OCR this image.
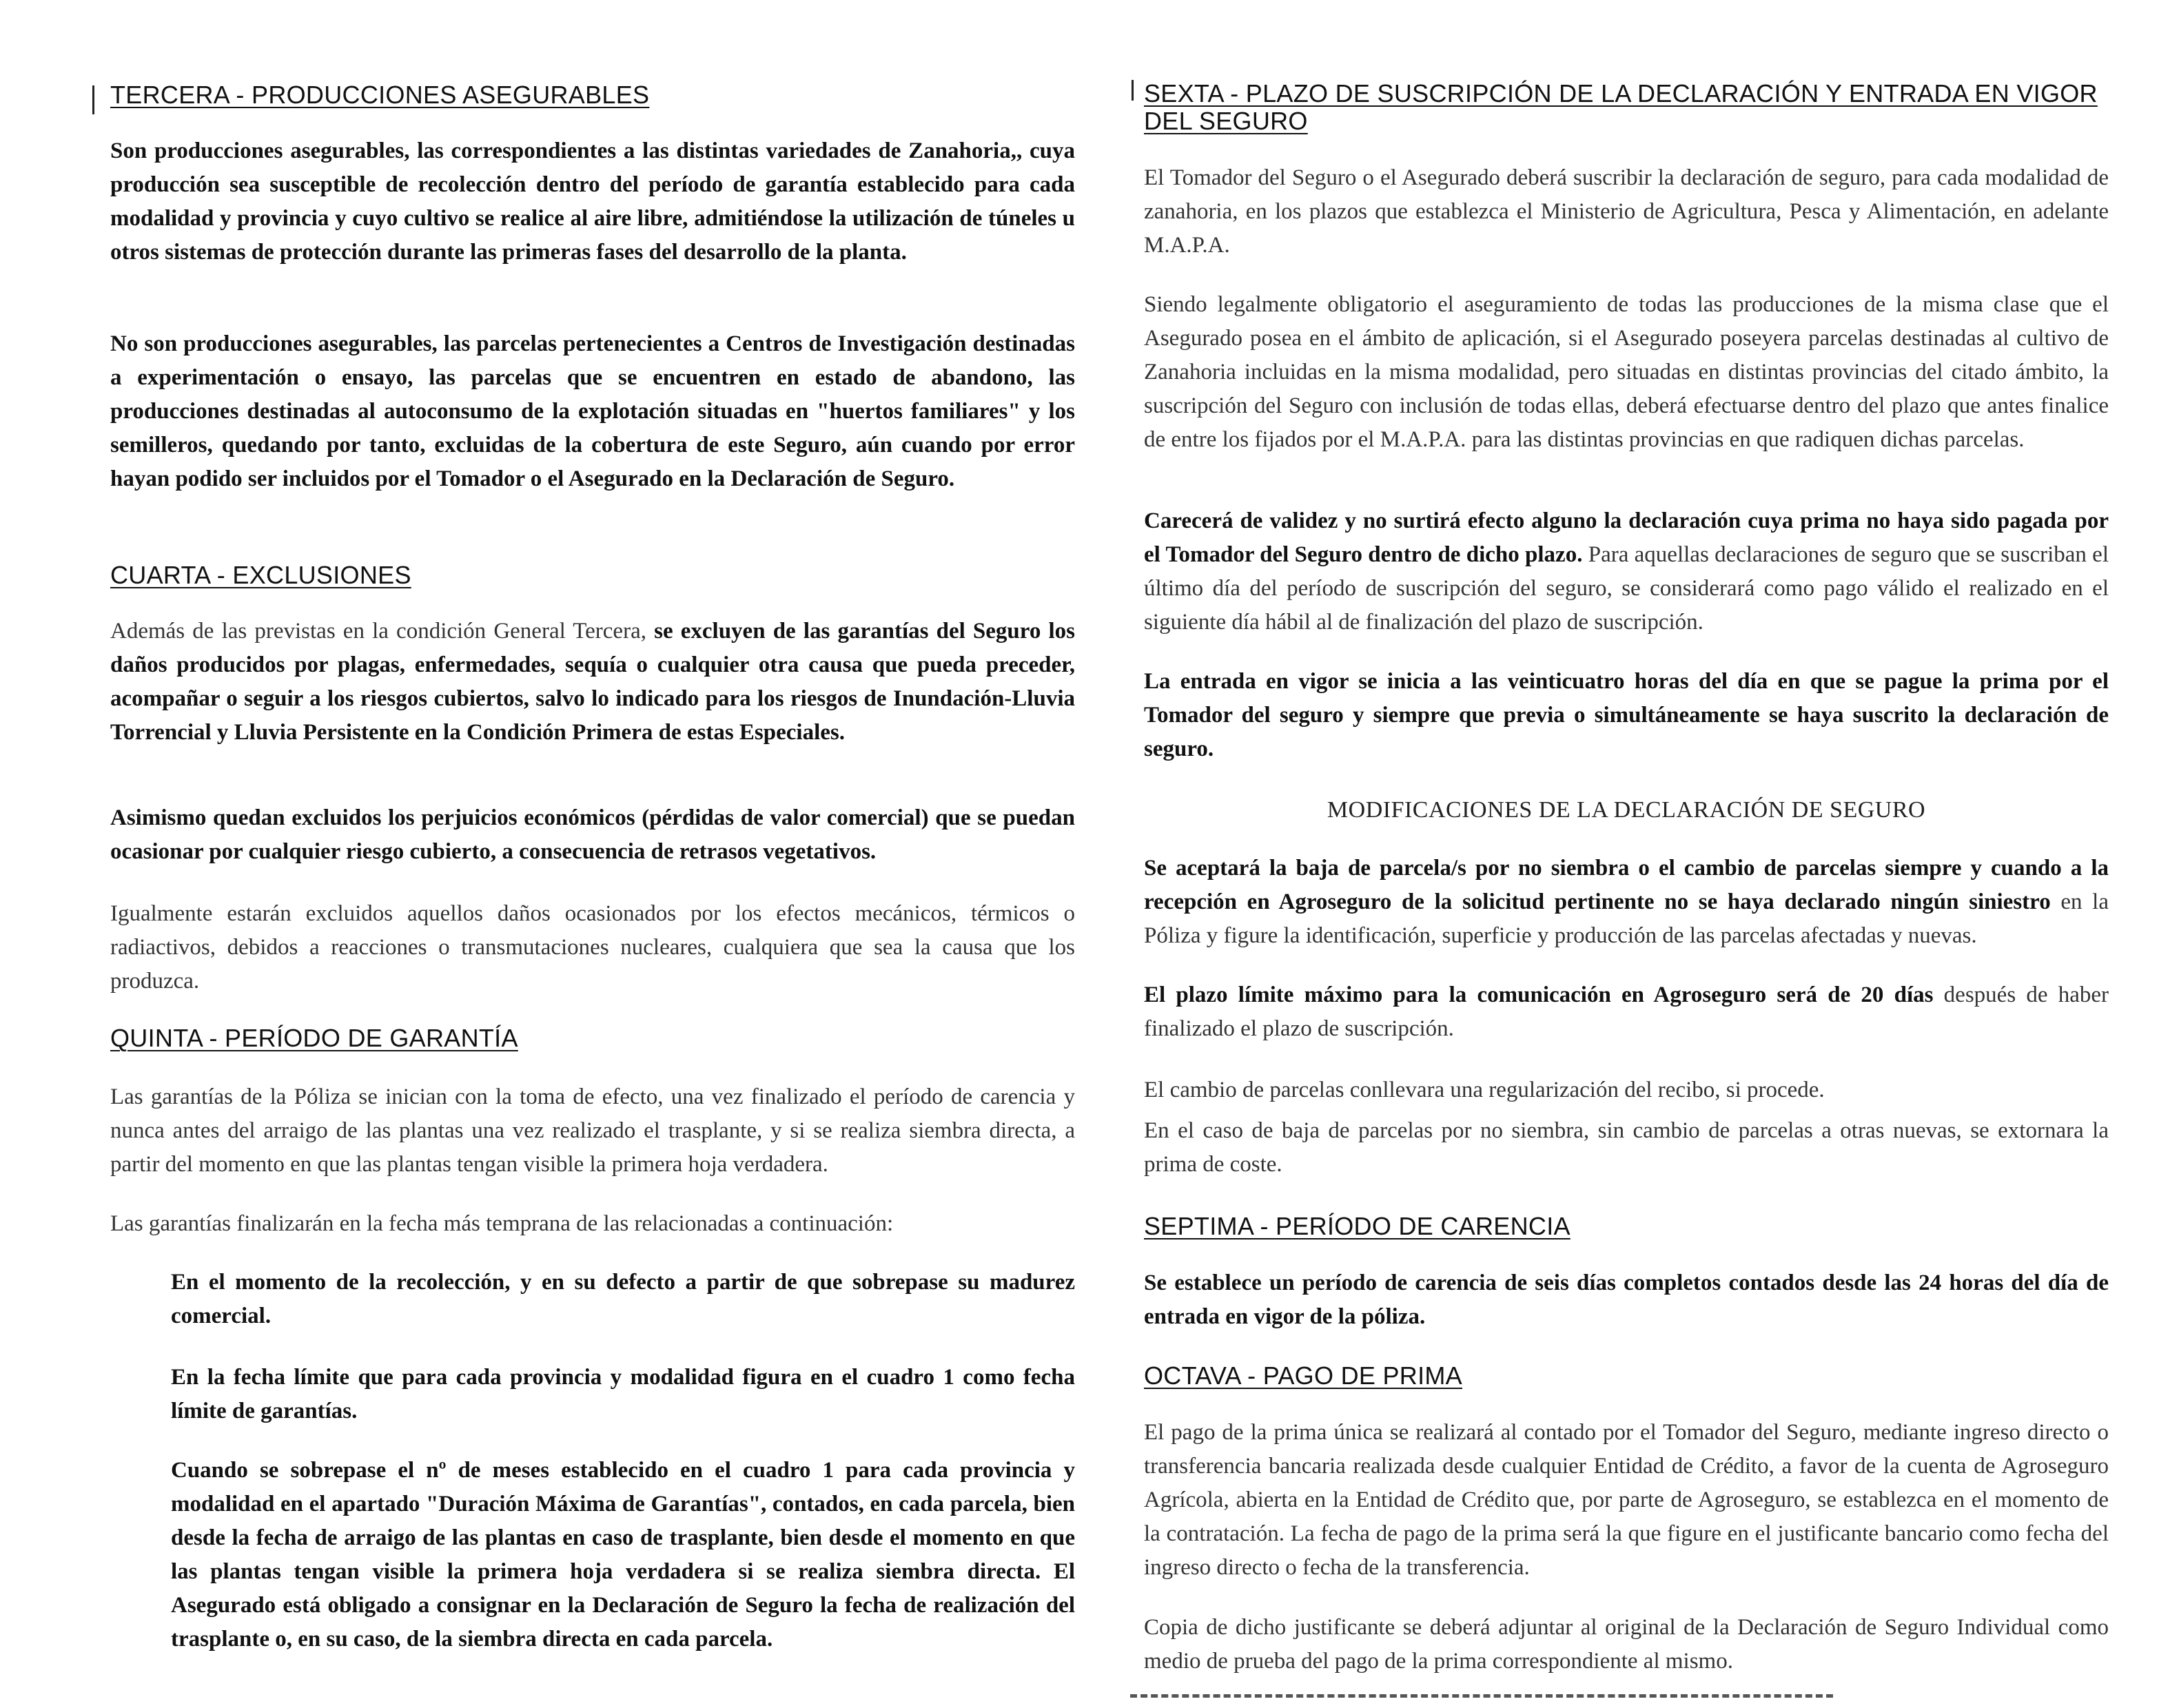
TERCERA - PRODUCCIONES ASEGURABLES
Son producciones asegurables, las correspondientes a las distintas variedades de Zanahoria,, cuya producción sea susceptible de recolección dentro del período de garantía establecido para cada modalidad y provincia y cuyo cultivo se realice al aire libre, admitiéndose la utilización de túneles u otros sistemas de protección durante las primeras fases del desarrollo de la planta.
No son producciones asegurables, las parcelas pertenecientes a Centros de Investigación destinadas a experimentación o ensayo, las parcelas que se encuentren en estado de abandono, las producciones destinadas al autoconsumo de la explotación situadas en "huertos familiares" y los semilleros, quedando por tanto, excluidas de la cobertura de este Seguro, aún cuando por error hayan podido ser incluidos por el Tomador o el Asegurado en la Declaración de Seguro.
CUARTA - EXCLUSIONES
Además de las previstas en la condición General Tercera, se excluyen de las garantías del Seguro los daños producidos por plagas, enfermedades, sequía o cualquier otra causa que pueda preceder, acompañar o seguir a los riesgos cubiertos, salvo lo indicado para los riesgos de Inundación-Lluvia Torrencial y Lluvia Persistente en la Condición Primera de estas Especiales.
Asimismo quedan excluidos los perjuicios económicos (pérdidas de valor comercial) que se puedan ocasionar por cualquier riesgo cubierto, a consecuencia de retrasos vegetativos.
Igualmente estarán excluidos aquellos daños ocasionados por los efectos mecánicos, térmicos o radiactivos, debidos a reacciones o transmutaciones nucleares, cualquiera que sea la causa que los produzca.
QUINTA - PERÍODO DE GARANTÍA
Las garantías de la Póliza se inician con la toma de efecto, una vez finalizado el período de carencia y nunca antes del arraigo de las plantas una vez realizado el trasplante, y si se realiza siembra directa, a partir del momento en que las plantas tengan visible la primera hoja verdadera.
Las garantías finalizarán en la fecha más temprana de las relacionadas a continuación:
En el momento de la recolección, y en su defecto a partir de que sobrepase su madurez comercial.
En la fecha límite que para cada provincia y modalidad figura en el cuadro 1 como fecha límite de garantías.
Cuando se sobrepase el nº de meses establecido en el cuadro 1 para cada provincia y modalidad en el apartado "Duración Máxima de Garantías", contados, en cada parcela, bien desde la fecha de arraigo de las plantas en caso de trasplante, bien desde el momento en que las plantas tengan visible la primera hoja verdadera si se realiza siembra directa. El Asegurado está obligado a consignar en la Declaración de Seguro la fecha de realización del trasplante o, en su caso, de la siembra directa en cada parcela.
SEXTA - PLAZO DE SUSCRIPCIÓN DE LA DECLARACIÓN Y ENTRADA EN VIGOR DEL SEGURO
El Tomador del Seguro o el Asegurado deberá suscribir la declaración de seguro, para cada modalidad de zanahoria, en los plazos que establezca el Ministerio de Agricultura, Pesca y Alimentación, en adelante M.A.P.A.
Siendo legalmente obligatorio el aseguramiento de todas las producciones de la misma clase que el Asegurado posea en el ámbito de aplicación, si el Asegurado poseyera parcelas destinadas al cultivo de Zanahoria incluidas en la misma modalidad, pero situadas en distintas provincias del citado ámbito, la suscripción del Seguro con inclusión de todas ellas, deberá efectuarse dentro del plazo que antes finalice de entre los fijados por el M.A.P.A. para las distintas provincias en que radiquen dichas parcelas.
Carecerá de validez y no surtirá efecto alguno la declaración cuya prima no haya sido pagada por el Tomador del Seguro dentro de dicho plazo. Para aquellas declaraciones de seguro que se suscriban el último día del período de suscripción del seguro, se considerará como pago válido el realizado en el siguiente día hábil al de finalización del plazo de suscripción.
La entrada en vigor se inicia a las veinticuatro horas del día en que se pague la prima por el Tomador del seguro y siempre que previa o simultáneamente se haya suscrito la declaración de seguro.
MODIFICACIONES DE LA DECLARACIÓN DE SEGURO
Se aceptará la baja de parcela/s por no siembra o el cambio de parcelas siempre y cuando a la recepción en Agroseguro de la solicitud pertinente no se haya declarado ningún siniestro en la Póliza y figure la identificación, superficie y producción de las parcelas afectadas y nuevas.
El plazo límite máximo para la comunicación en Agroseguro será de 20 días después de haber finalizado el plazo de suscripción.
El cambio de parcelas conllevara una regularización del recibo, si procede.
En el caso de baja de parcelas por no siembra, sin cambio de parcelas a otras nuevas, se extornara la prima de coste.
SEPTIMA - PERÍODO DE CARENCIA
Se establece un período de carencia de seis días completos contados desde las 24 horas del día de entrada en vigor de la póliza.
OCTAVA - PAGO DE PRIMA
El pago de la prima única se realizará al contado por el Tomador del Seguro, mediante ingreso directo o transferencia bancaria realizada desde cualquier Entidad de Crédito, a favor de la cuenta de Agroseguro Agrícola, abierta en la Entidad de Crédito que, por parte de Agroseguro, se establezca en el momento de la contratación. La fecha de pago de la prima será la que figure en el justificante bancario como fecha del ingreso directo o fecha de la transferencia.
Copia de dicho justificante se deberá adjuntar al original de la Declaración de Seguro Individual como medio de prueba del pago de la prima correspondiente al mismo.
